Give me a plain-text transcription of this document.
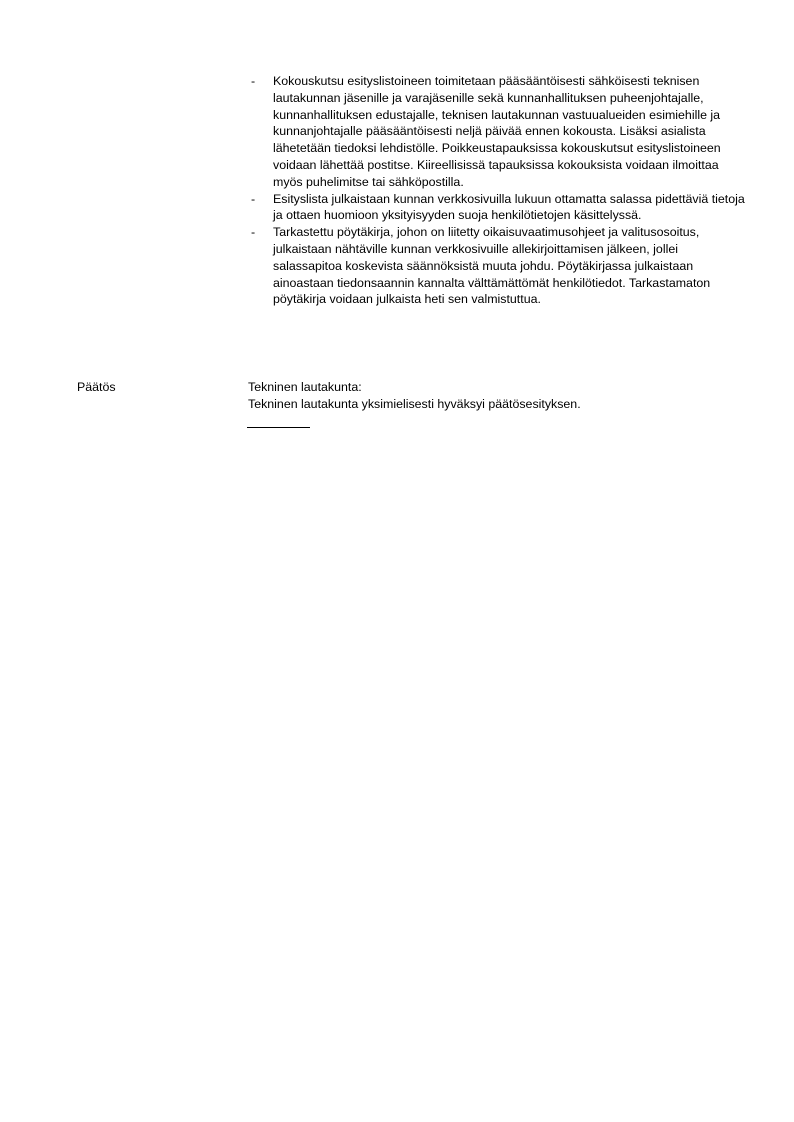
- Kokouskutsu esityslistoineen toimitetaan pääsääntöisesti sähköisesti teknisen lautakunnan jäsenille ja varajäsenille sekä kunnanhallituksen puheenjohtajalle, kunnanhallituksen edustajalle, teknisen lautakunnan vastuualueiden esimiehille ja kunnanjohtajalle pääsääntöisesti neljä päivää ennen kokousta. Lisäksi asialista lähetetään tiedoksi lehdistölle. Poikkeustapauksissa kokouskutsut esityslistoineen voidaan lähettää postitse. Kiireellisissä tapauksissa kokouksista voidaan ilmoittaa myös puhelimitse tai sähköpostilla.
- Esityslista julkaistaan kunnan verkkosivuilla lukuun ottamatta salassa pidettäviä tietoja ja ottaen huomioon yksityisyyden suoja henkilötietojen käsittelyssä.
- Tarkastettu pöytäkirja, johon on liitetty oikaisuvaatimusohjeet ja valitusosoitus, julkaistaan nähtäville kunnan verkkosivuille allekirjoittamisen jälkeen, jollei salassapitoa koskevista säännöksistä muuta johdu. Pöytäkirjassa julkaistaan ainoastaan tiedonsaannin kannalta välttämättömät henkilötiedot. Tarkastamaton pöytäkirja voidaan julkaista heti sen valmistuttua.
Päätös	Tekninen lautakunta:
Tekninen lautakunta yksimielisesti hyväksyi päätösesityksen.
